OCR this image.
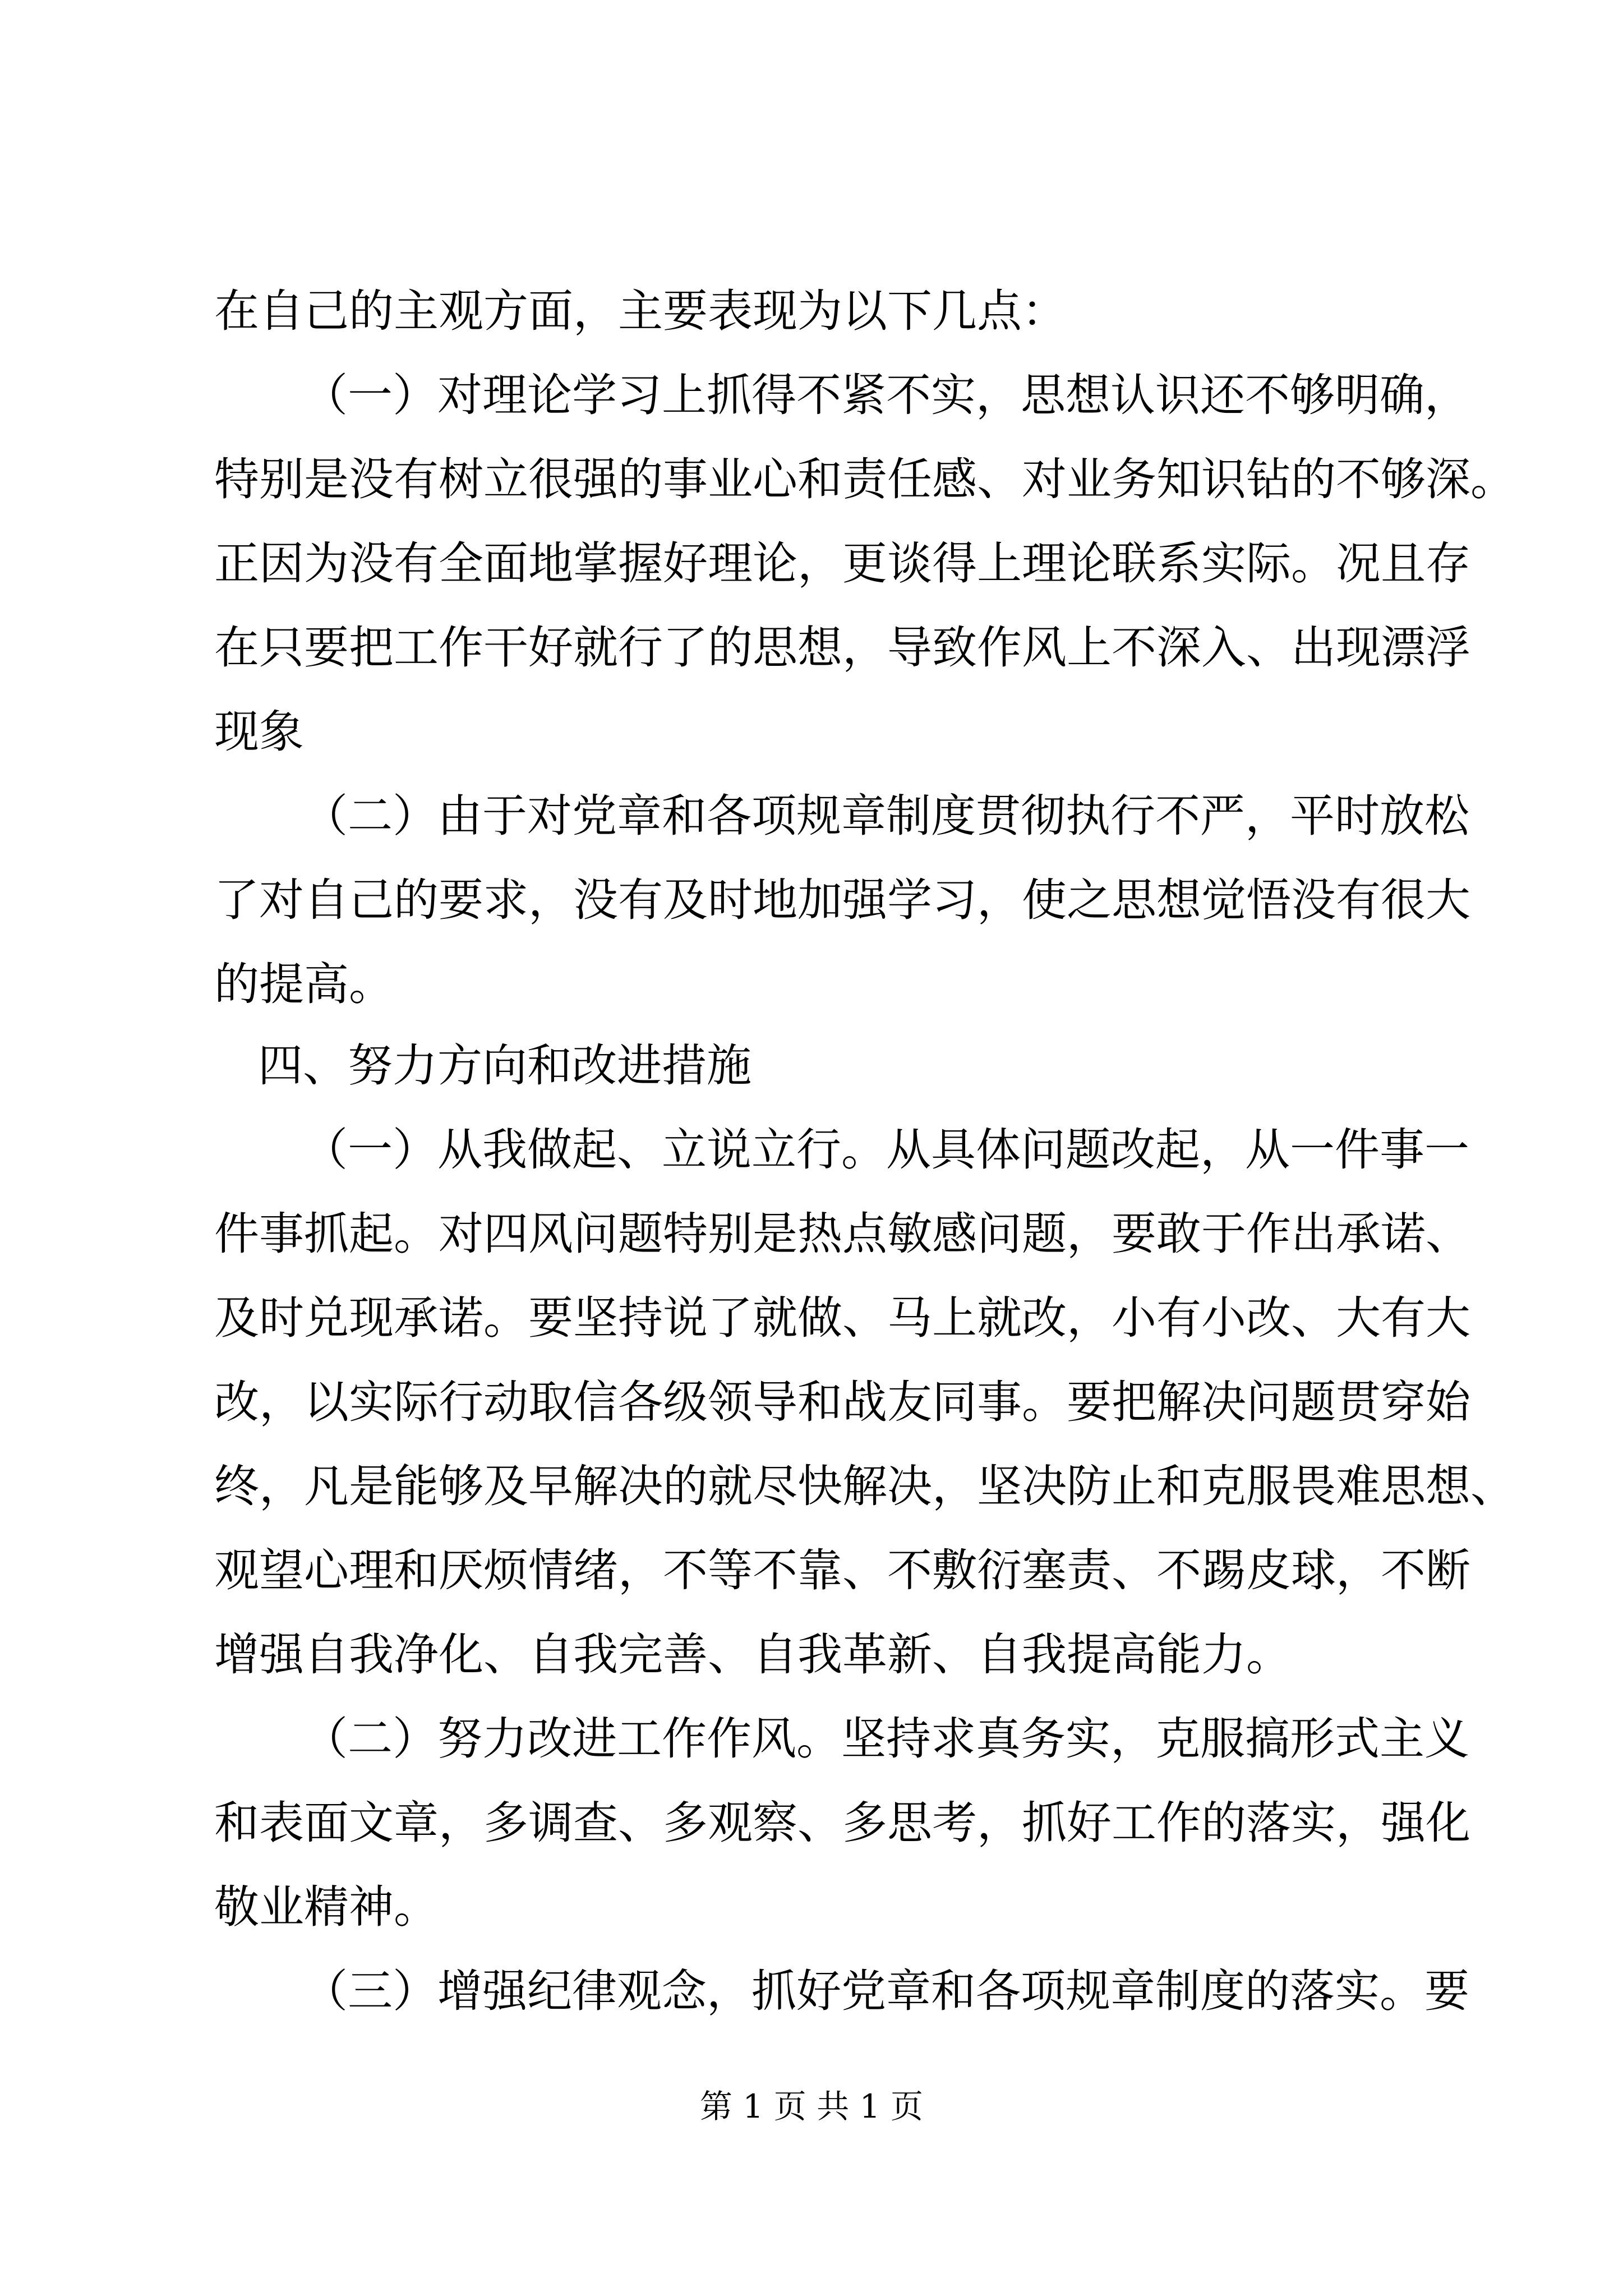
在自己的主观方面，主要表现为以下几点：
（一）对理论学习上抓得不紧不实，思想认识还不够明确，
特别是没有树立很强的事业心和责任感、对业务知识钻的不够深。
正因为没有全面地掌握好理论，更谈得上理论联系实际。况且存
在只要把工作干好就行了的思想，导致作风上不深入、出现漂浮
现象
（二）由于对党章和各项规章制度贯彻执行不严，平时放松
了对自己的要求，没有及时地加强学习，使之思想觉悟没有很大
的提高。
四、努力方向和改进措施
（一）从我做起、立说立行。从具体问题改起，从一件事一
件事抓起。对四风问题特别是热点敏感问题，要敢于作出承诺、
及时兑现承诺。要坚持说了就做、马上就改，小有小改、大有大
改，以实际行动取信各级领导和战友同事。要把解决问题贯穿始
终，凡是能够及早解决的就尽快解决，坚决防止和克服畏难思想、
观望心理和厌烦情绪，不等不靠、不敷衍塞责、不踢皮球，不断
增强自我净化、自我完善、自我革新、自我提高能力。
（二）努力改进工作作风。坚持求真务实，克服搞形式主义
和表面文章，多调查、多观察、多思考，抓好工作的落实，强化
敬业精神。
（三）增强纪律观念，抓好党章和各项规章制度的落实。要
第 1 页 共 1 页
